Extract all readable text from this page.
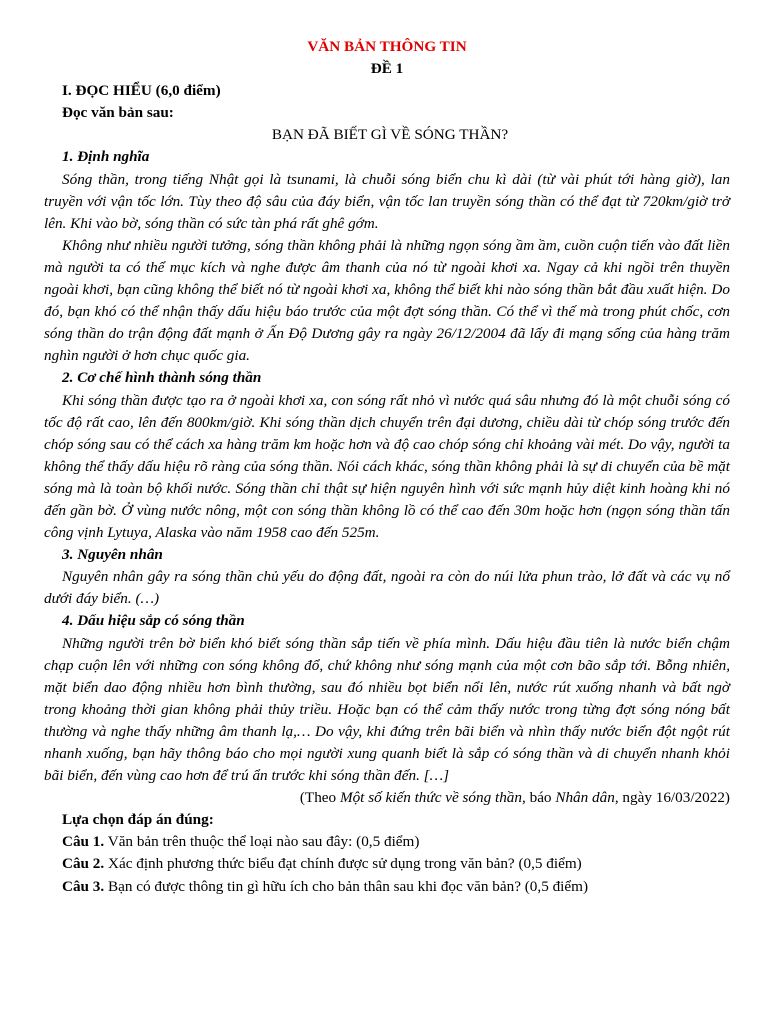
VĂN BẢN THÔNG TIN
ĐỀ 1
I. ĐỌC HIỂU (6,0 điểm)
Đọc văn bản sau:
BẠN ĐÃ BIẾT GÌ VỀ SÓNG THẦN?
1. Định nghĩa

Sóng thần, trong tiếng Nhật gọi là tsunami, là chuỗi sóng biển chu kì dài (từ vài phút tới hàng giờ), lan truyền với vận tốc lớn. Tùy theo độ sâu của đáy biển, vận tốc lan truyền sóng thần có thể đạt từ 720km/giờ trở lên. Khi vào bờ, sóng thần có sức tàn phá rất ghê gớm.

Không như nhiều người tưởng, sóng thần không phải là những ngọn sóng ầm ầm, cuồn cuộn tiến vào đất liền mà người ta có thể mục kích và nghe được âm thanh của nó từ ngoài khơi xa. Ngay cả khi ngồi trên thuyền ngoài khơi, bạn cũng không thể biết nó từ ngoài khơi xa, không thể biết khi nào sóng thần bắt đầu xuất hiện. Do đó, bạn khó có thể nhận thấy dấu hiệu báo trước của một đợt sóng thần. Có thể vì thế mà trong phút chốc, cơn sóng thần do trận động đất mạnh ở Ấn Độ Dương gây ra ngày 26/12/2004 đã lấy đi mạng sống của hàng trăm nghìn người ở hơn chục quốc gia.

2. Cơ chế hình thành sóng thần

Khi sóng thần được tạo ra ở ngoài khơi xa, con sóng rất nhỏ vì nước quá sâu nhưng đó là một chuỗi sóng có tốc độ rất cao, lên đến 800km/giờ. Khi sóng thần dịch chuyển trên đại dương, chiều dài từ chóp sóng trước đến chóp sóng sau có thể cách xa hàng trăm km hoặc hơn và độ cao chóp sóng chỉ khoảng vài mét. Do vậy, người ta không thể thấy dấu hiệu rõ ràng của sóng thần. Nói cách khác, sóng thần không phải là sự di chuyển của bề mặt sóng mà là toàn bộ khối nước. Sóng thần chỉ thật sự hiện nguyên hình với sức mạnh hủy diệt kinh hoàng khi nó đến gần bờ. Ở vùng nước nông, một con sóng thần không lồ có thể cao đến 30m hoặc hơn (ngọn sóng thần tấn công vịnh Lytuya, Alaska vào năm 1958 cao đến 525m.

3. Nguyên nhân

Nguyên nhân gây ra sóng thần chủ yếu do động đất, ngoài ra còn do núi lửa phun trào, lở đất và các vụ nổ dưới đáy biển. (…)

4. Dấu hiệu sắp có sóng thần

Những người trên bờ biển khó biết sóng thần sắp tiến về phía mình. Dấu hiệu đầu tiên là nước biển chậm chạp cuộn lên với những con sóng không đổ, chứ không như sóng mạnh của một cơn bão sắp tới. Bỗng nhiên, mặt biển dao động nhiều hơn bình thường, sau đó nhiều bọt biển nổi lên, nước rút xuống nhanh và bất ngờ trong khoảng thời gian không phải thủy triều. Hoặc bạn có thể cảm thấy nước trong từng đợt sóng nóng bất thường và nghe thấy những âm thanh lạ,… Do vậy, khi đứng trên bãi biển và nhìn thấy nước biển đột ngột rút nhanh xuống, bạn hãy thông báo cho mọi người xung quanh biết là sắp có sóng thần và di chuyển nhanh khỏi bãi biển, đến vùng cao hơn để trú ẩn trước khi sóng thần đến. […]

(Theo Một số kiến thức về sóng thần, báo Nhân dân, ngày 16/03/2022)
Lựa chọn đáp án đúng:
Câu 1. Văn bản trên thuộc thể loại nào sau đây: (0,5 điểm)
Câu 2. Xác định phương thức biểu đạt chính được sử dụng trong văn bản? (0,5 điểm)
Câu 3. Bạn có được thông tin gì hữu ích cho bản thân sau khi đọc văn bản? (0,5 điểm)
